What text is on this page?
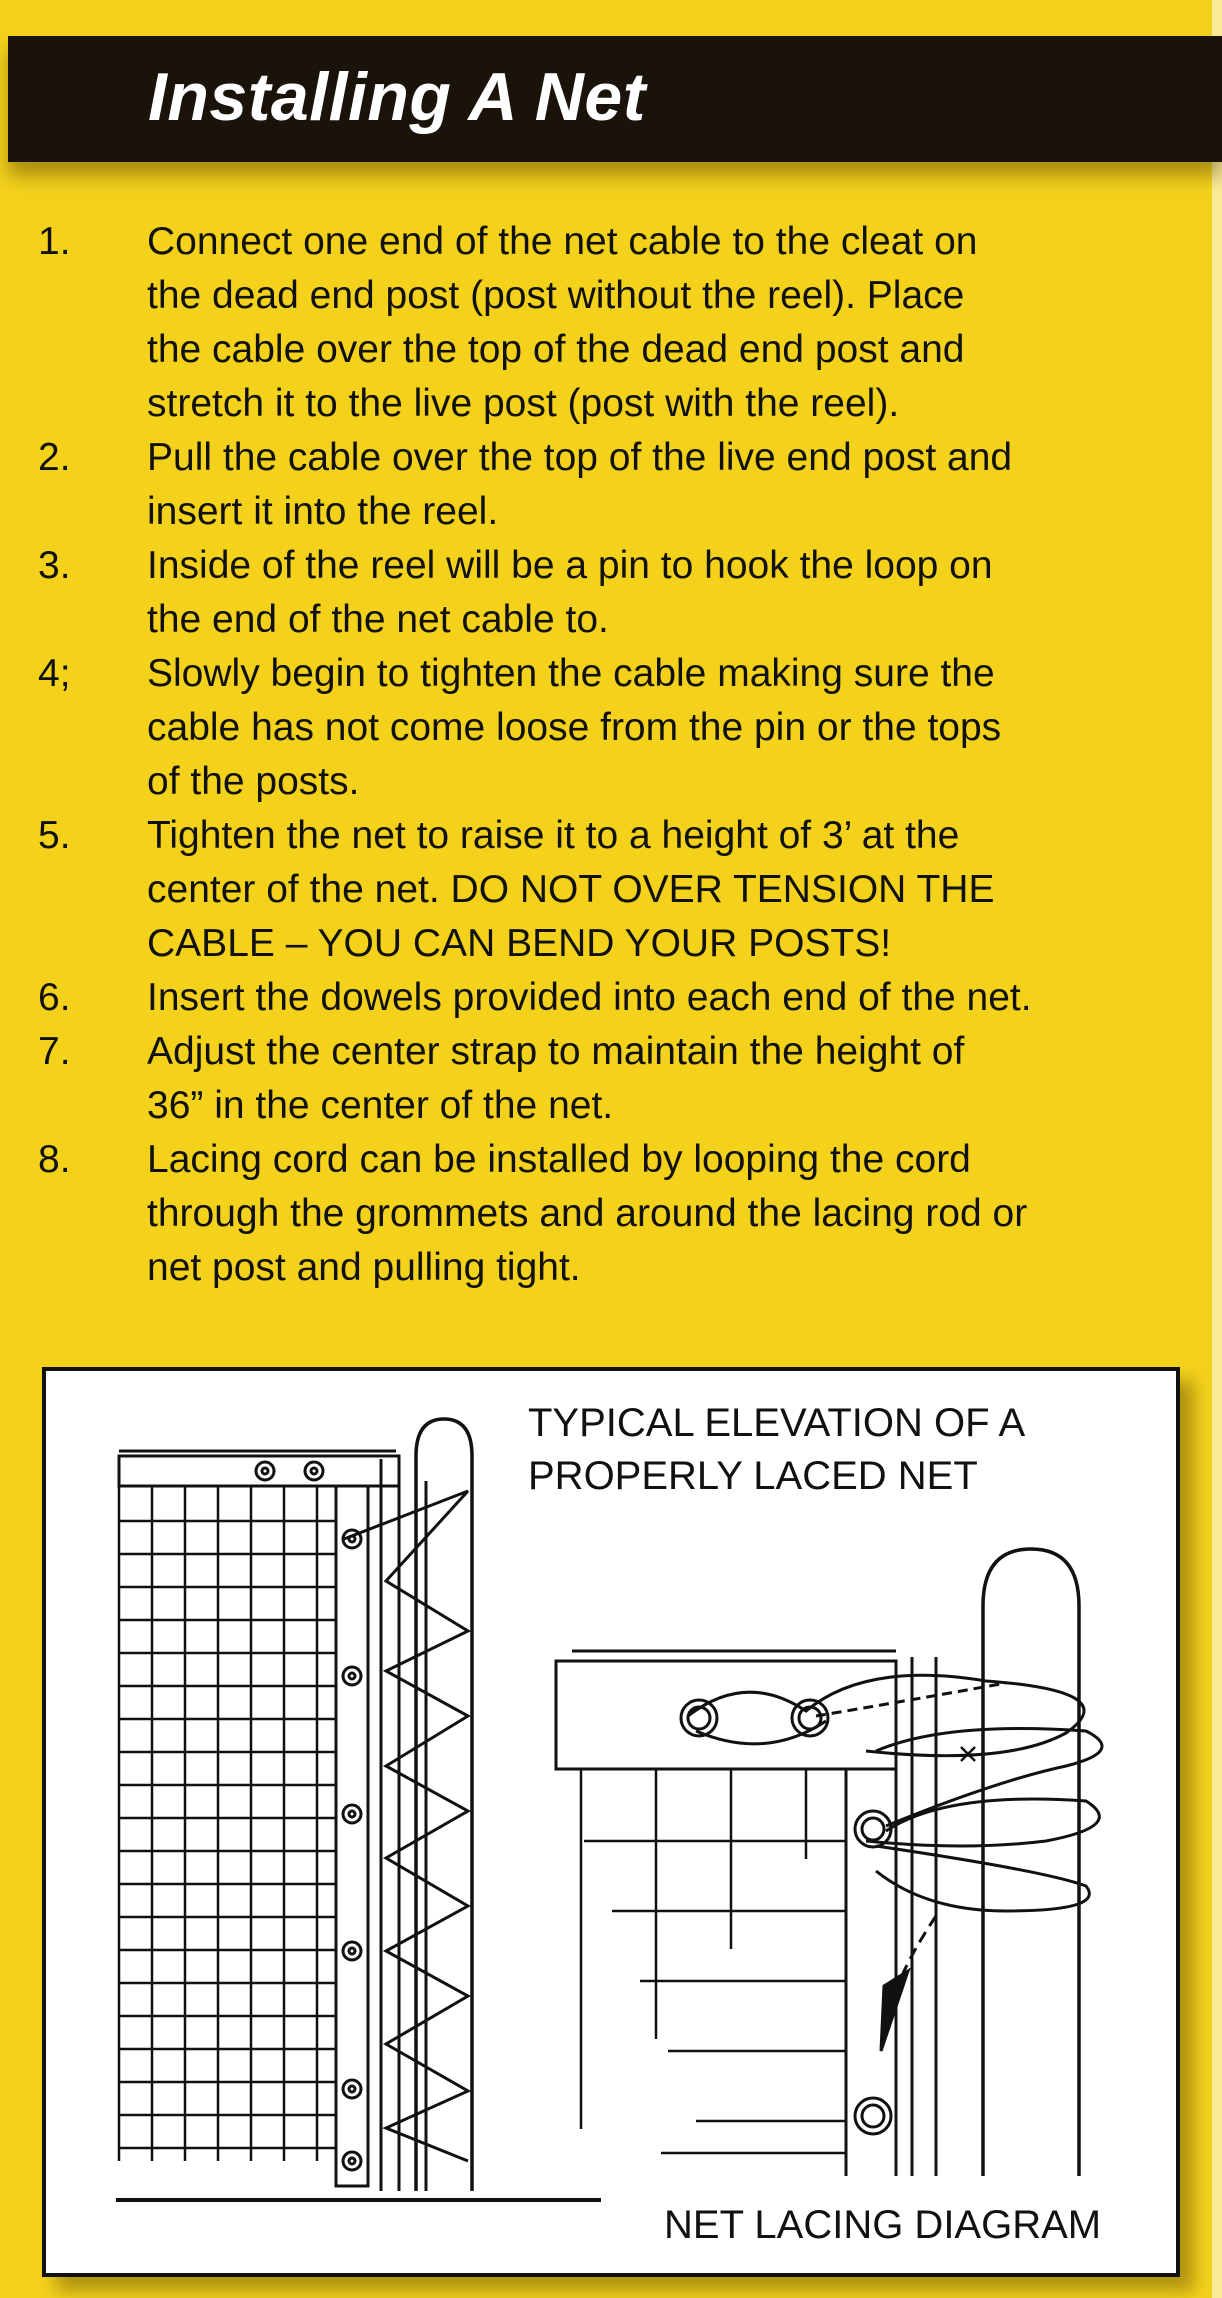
Installing A Net
1. Connect one end of the net cable to the cleat on
the dead end post (post without the reel). Place
the cable over the top of the dead end post and
stretch it to the live post (post with the reel).
2. Pull the cable over the top of the live end post and
insert it into the reel.
3. Inside of the reel will be a pin to hook the loop on
the end of the net cable to.
4; Slowly begin to tighten the cable making sure the
cable has not come loose from the pin or the tops
of the posts.
5. Tighten the net to raise it to a height of 3’ at the
center of the net. DO NOT OVER TENSION THE
CABLE – YOU CAN BEND YOUR POSTS!
6. Insert the dowels provided into each end of the net.
7. Adjust the center strap to maintain the height of
36” in the center of the net.
8. Lacing cord can be installed by looping the cord
through the grommets and around the lacing rod or
net post and pulling tight.
TYPICAL ELEVATION OF A
PROPERLY LACED NET
NET LACING DIAGRAM
